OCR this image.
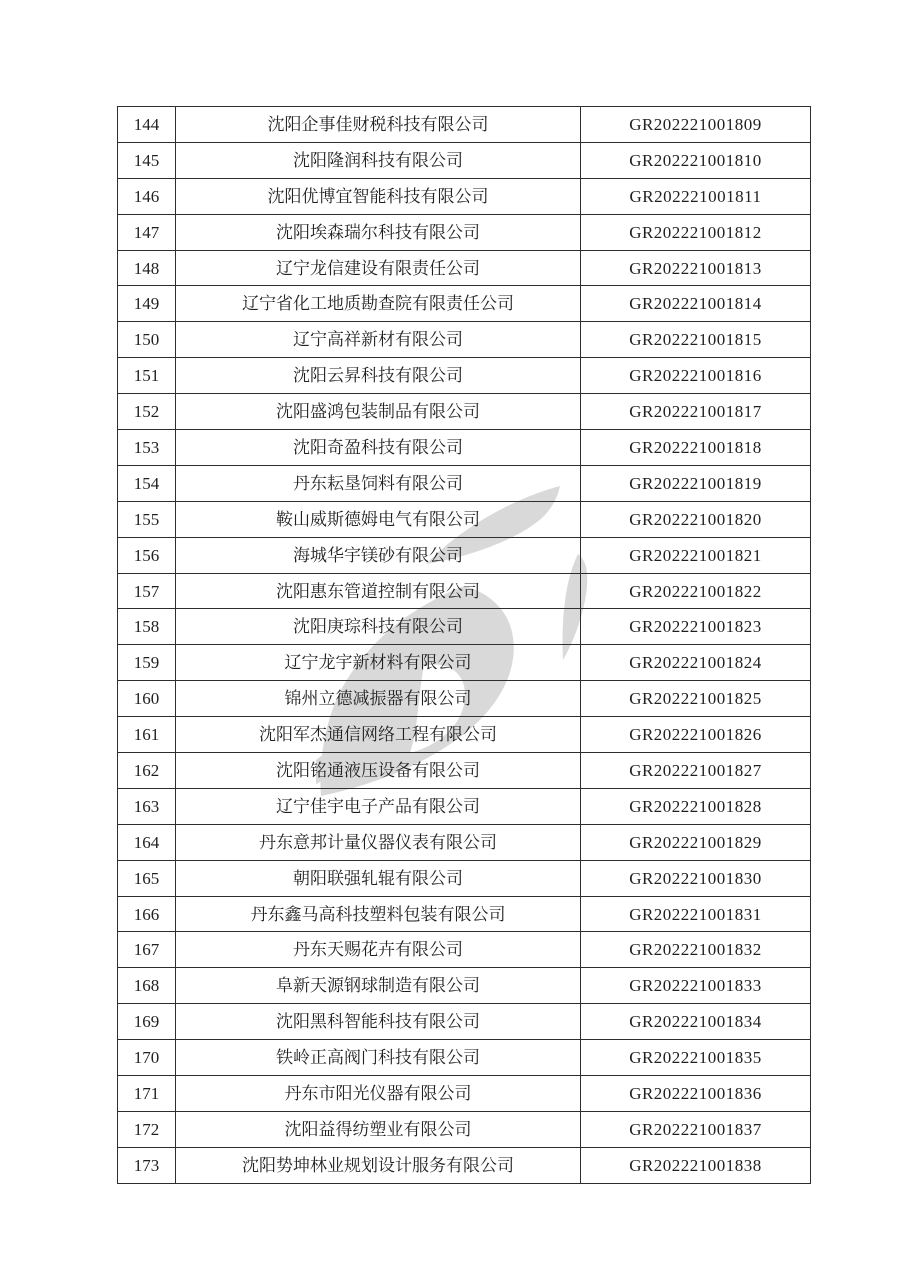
144	沈阳企事佳财税科技有限公司	GR202221001809
145	沈阳隆润科技有限公司	GR202221001810
146	沈阳优博宜智能科技有限公司	GR202221001811
147	沈阳埃森瑞尔科技有限公司	GR202221001812
148	辽宁龙信建设有限责任公司	GR202221001813
149	辽宁省化工地质勘查院有限责任公司	GR202221001814
150	辽宁高祥新材有限公司	GR202221001815
151	沈阳云昇科技有限公司	GR202221001816
152	沈阳盛鸿包装制品有限公司	GR202221001817
153	沈阳奇盈科技有限公司	GR202221001818
154	丹东耘垦饲料有限公司	GR202221001819
155	鞍山威斯德姆电气有限公司	GR202221001820
156	海城华宇镁砂有限公司	GR202221001821
157	沈阳惠东管道控制有限公司	GR202221001822
158	沈阳庚琮科技有限公司	GR202221001823
159	辽宁龙宇新材料有限公司	GR202221001824
160	锦州立德减振器有限公司	GR202221001825
161	沈阳军杰通信网络工程有限公司	GR202221001826
162	沈阳铭通液压设备有限公司	GR202221001827
163	辽宁佳宇电子产品有限公司	GR202221001828
164	丹东意邦计量仪器仪表有限公司	GR202221001829
165	朝阳联强轧辊有限公司	GR202221001830
166	丹东鑫马高科技塑料包装有限公司	GR202221001831
167	丹东天赐花卉有限公司	GR202221001832
168	阜新天源钢球制造有限公司	GR202221001833
169	沈阳黑科智能科技有限公司	GR202221001834
170	铁岭正高阀门科技有限公司	GR202221001835
171	丹东市阳光仪器有限公司	GR202221001836
172	沈阳益得纺塑业有限公司	GR202221001837
173	沈阳势坤林业规划设计服务有限公司	GR202221001838
